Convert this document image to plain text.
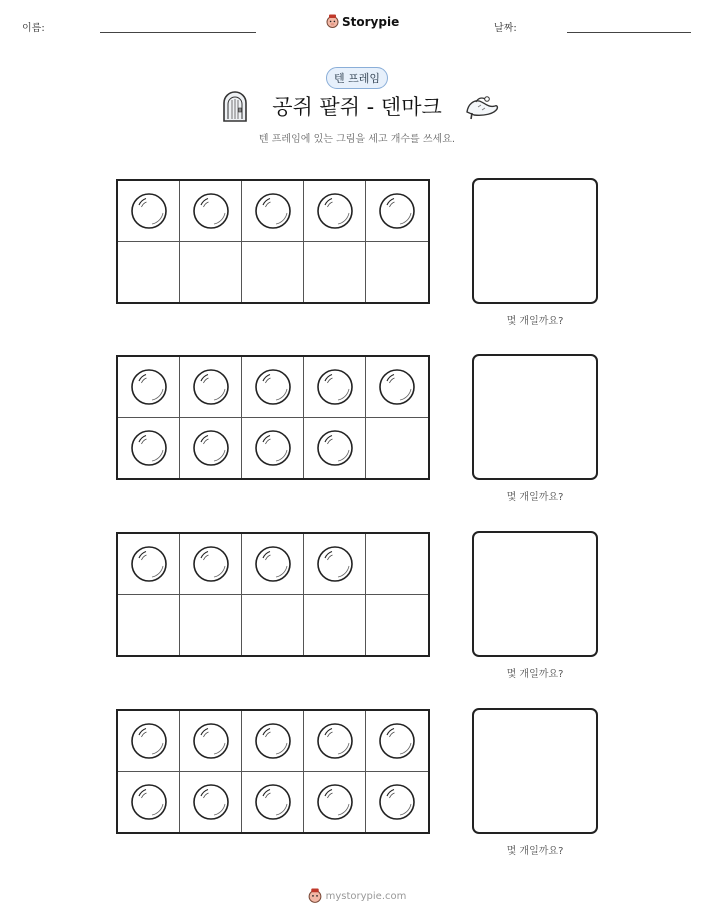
이름:	Storypie	날짜:
텐 프레임
공쥐 팥쥐 - 덴마크
텐 프레임에 있는 그림을 세고 개수를 쓰세요.
몇 개일까요?
몇 개일까요?
몇 개일까요?
몇 개일까요?
mystorypie.com
